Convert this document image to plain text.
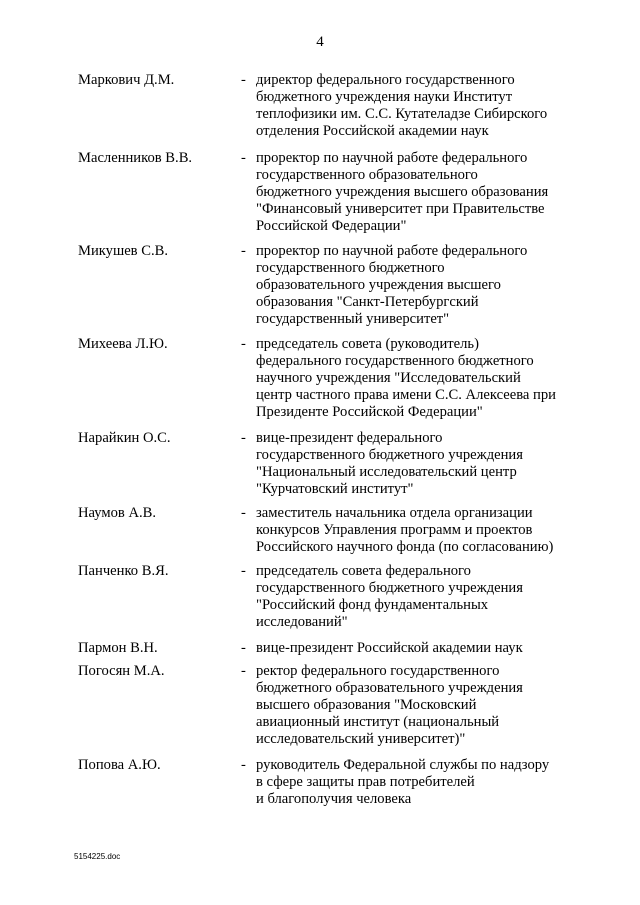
4
Маркович Д.М.	- директор федерального государственного
бюджетного учреждения науки Институт
теплофизики им. С.С. Кутателадзе Сибирского
отделения Российской академии наук
Масленников В.В.	- проректор по научной работе федерального
государственного образовательного
бюджетного учреждения высшего образования
"Финансовый университет при Правительстве
Российской Федерации"
Микушев С.В.	- проректор по научной работе федерального
государственного бюджетного
образовательного учреждения высшего
образования "Санкт-Петербургский
государственный университет"
Михеева Л.Ю.	- председатель совета (руководитель)
федерального государственного бюджетного
научного учреждения "Исследовательский
центр частного права имени С.С. Алексеева при
Президенте Российской Федерации"
Нарайкин О.С.	- вице-президент федерального
государственного бюджетного учреждения
"Национальный исследовательский центр
"Курчатовский институт"
Наумов А.В.	- заместитель начальника отдела организации
конкурсов Управления программ и проектов
Российского научного фонда (по согласованию)
Панченко В.Я.	- председатель совета федерального
государственного бюджетного учреждения
"Российский фонд фундаментальных
исследований"
Пармон В.Н.	- вице-президент Российской академии наук
Погосян М.А.	- ректор федерального государственного
бюджетного образовательного учреждения
высшего образования "Московский
авиационный институт (национальный
исследовательский университет)"
Попова А.Ю.	- руководитель Федеральной службы по надзору
в сфере защиты прав потребителей
и благополучия человека
5154225.doc
